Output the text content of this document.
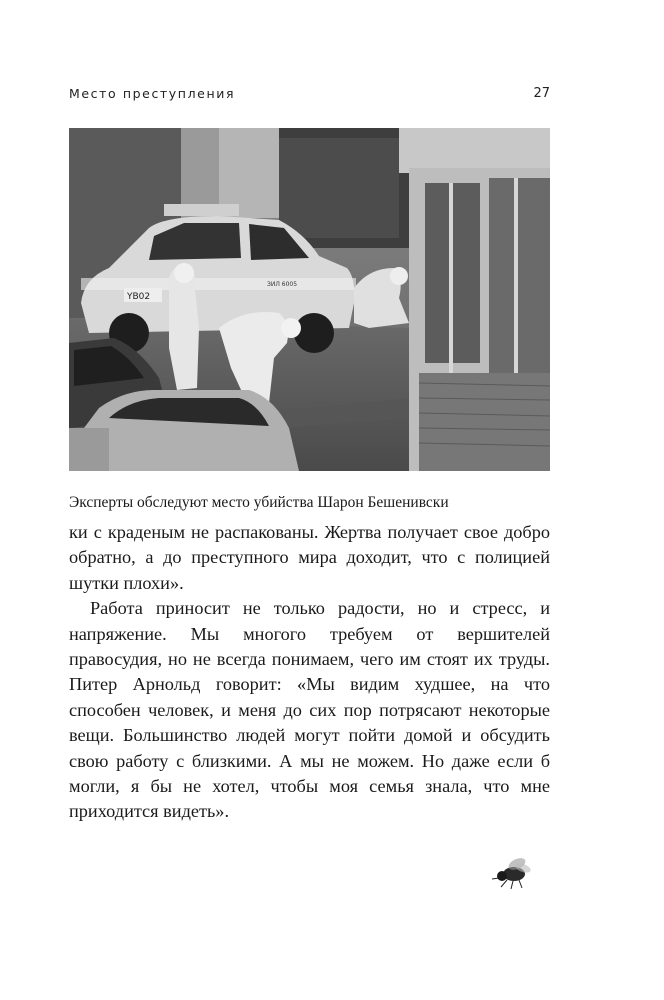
Место преступления	27
YB02
ЗИЛ 6005
Эксперты обследуют место убийства Шарон Бешенивски

ки с краденым не распакованы. Жертва получает свое добро обратно, а до преступного мира доходит, что с полицией шутки плохи».

Работа приносит не только радости, но и стресс, и напряжение. Мы многого требуем от вершителей правосудия, но не всегда понимаем, чего им стоят их труды. Питер Арнольд говорит: «Мы видим худшее, на что способен человек, и меня до сих пор потрясают некоторые вещи. Большинство людей могут пойти домой и обсудить свою работу с близкими. А мы не можем. Но даже если б могли, я бы не хотел, чтобы моя семья знала, что мне приходится видеть».
